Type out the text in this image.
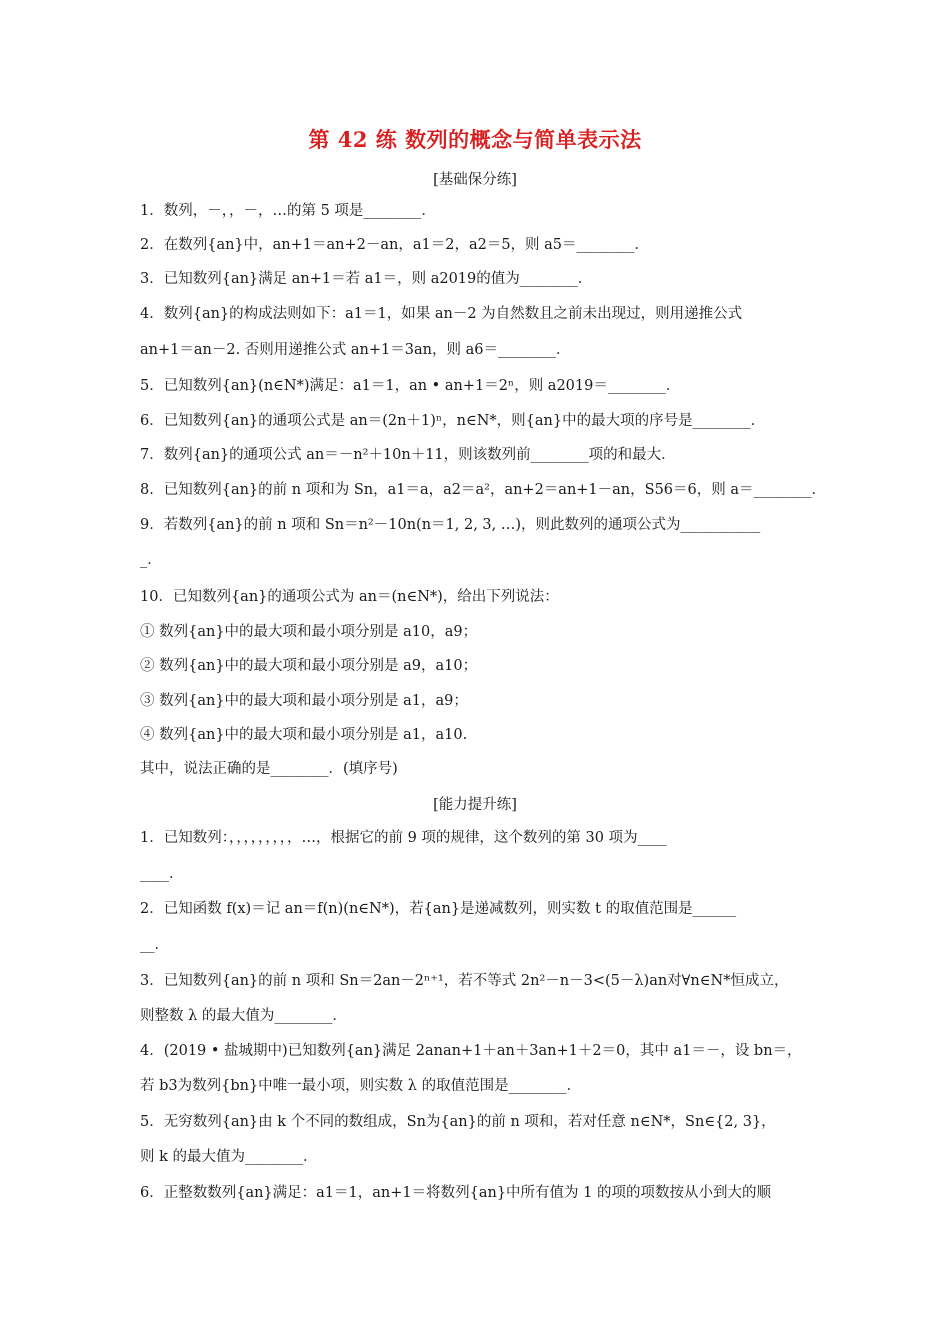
第 42 练 数列的概念与简单表示法
[基础保分练]
1．数列，－，，－，…的第 5 项是________．
2．在数列{an}中，an+1＝an+2－an，a1＝2，a2＝5，则 a5＝________．
3．已知数列{an}满足 an+1＝若 a1＝，则 a2019的值为________．
4．数列{an}的构成法则如下：a1＝1，如果 an－2 为自然数且之前未出现过，则用递推公式
an+1＝an－2. 否则用递推公式 an+1＝3an，则 a6＝________．
5．已知数列{an}(n∈N*)满足：a1＝1，an • an+1＝2ⁿ，则 a2019＝________．
6．已知数列{an}的通项公式是 an＝(2n＋1)ⁿ，n∈N*，则{an}中的最大项的序号是________．
7．数列{an}的通项公式 an＝－n²＋10n＋11，则该数列前________项的和最大．
8．已知数列{an}的前 n 项和为 Sn，a1＝a，a2＝a²，an+2＝an+1－an，S56＝6，则 a＝________．
9．若数列{an}的前 n 项和 Sn＝n²－10n(n＝1, 2, 3, …)，则此数列的通项公式为___________
_．
10．已知数列{an}的通项公式为 an＝(n∈N*)，给出下列说法：
① 数列{an}中的最大项和最小项分别是 a10，a9；
② 数列{an}中的最大项和最小项分别是 a9，a10；
③ 数列{an}中的最大项和最小项分别是 a1，a9；
④ 数列{an}中的最大项和最小项分别是 a1，a10.
其中，说法正确的是________．(填序号)
[能力提升练]
1．已知数列：，，，，，，，，，…，根据它的前 9 项的规律，这个数列的第 30 项为____
____．
2．已知函数 f(x)＝记 an＝f(n)(n∈N*)，若{an}是递减数列，则实数 t 的取值范围是______
__．
3．已知数列{an}的前 n 项和 Sn＝2an－2ⁿ⁺¹，若不等式 2n²－n－3<(5－λ)an对∀n∈N*恒成立，
则整数 λ 的最大值为________．
4．(2019 • 盐城期中)已知数列{an}满足 2anan+1＋an＋3an+1＋2＝0，其中 a1＝－，设 bn＝，
若 b3为数列{bn}中唯一最小项，则实数 λ 的取值范围是________．
5．无穷数列{an}由 k 个不同的数组成，Sn为{an}的前 n 项和，若对任意 n∈N*，Sn∈{2, 3}，
则 k 的最大值为________．
6．正整数数列{an}满足：a1＝1，an+1＝将数列{an}中所有值为 1 的项的项数按从小到大的顺
